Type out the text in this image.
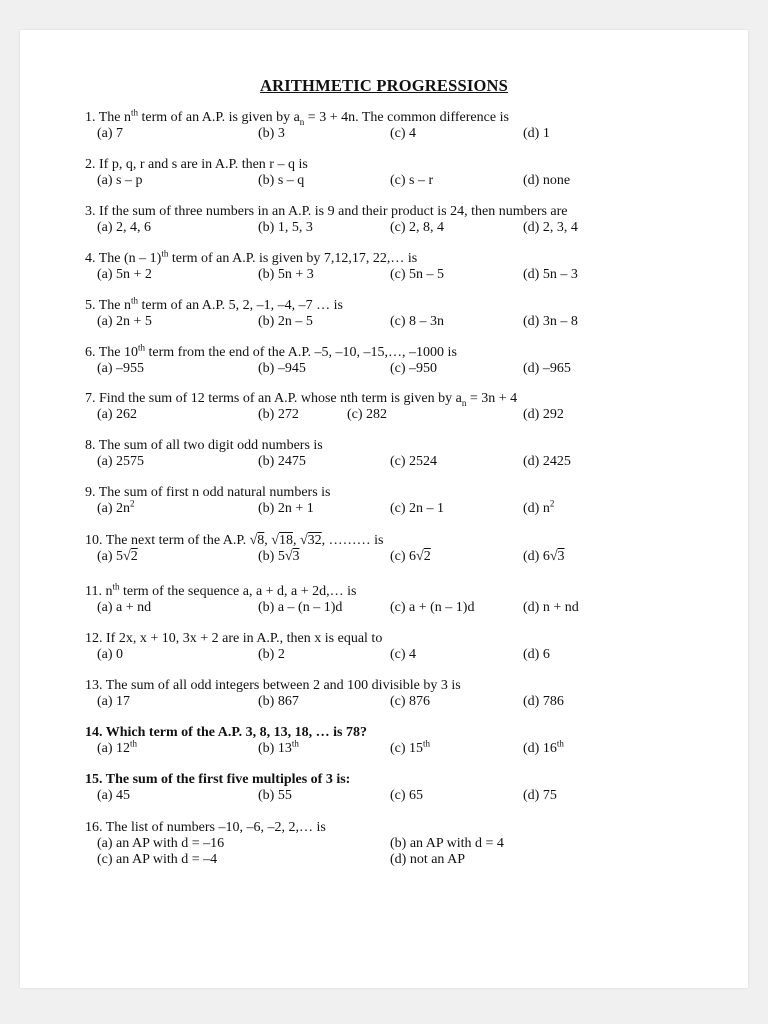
ARITHMETIC PROGRESSIONS
1. The $n^{th}$ term of an A.P. is given by $a_n = 3 + 4n$. The common difference is
(a) 7	(b) 3	(c) 4	(d) 1
2. If p, q, r and s are in A.P. then r – q is
(a) s – p	(b) s – q	(c) s – r	(d) none
3. If the sum of three numbers in an A.P. is 9 and their product is 24, then numbers are
(a) 2, 4, 6	(b) 1, 5, 3	(c) 2, 8, 4	(d) 2, 3, 4
4. The (n – 1)$^{th}$ term of an A.P. is given by 7,12,17, 22,… is
(a) 5n + 2	(b) 5n + 3	(c) 5n – 5	(d) 5n – 3
5. The $n^{th}$ term of an A.P. 5, 2, –1, –4, –7 … is
(a) 2n + 5	(b) 2n – 5	(c) 8 – 3n	(d) 3n – 8
6. The 10th term from the end of the A.P. –5, –10, –15,…, –1000 is
(a) –955	(b) –945	(c) –950	(d) –965
7. Find the sum of 12 terms of an A.P. whose nth term is given by $a_n = 3n + 4$
(a) 262	(b) 272	(c) 282	(d) 292
8. The sum of all two digit odd numbers is
(a) 2575	(b) 2475	(c) 2524	(d) 2425
9. The sum of first n odd natural numbers is
(a) $2n^2$	(b) 2n + 1	(c) 2n – 1	(d) $n^2$
10. The next term of the A.P. √8, √18, √32, ……… is
(a) 5√2	(b) 5√3	(c) 6√2	(d) 6√3
11. $n^{th}$ term of the sequence a, a + d, a + 2d,… is
(a) a + nd	(b) a – (n – 1)d	(c) a + (n – 1)d	(d) n + nd
12. If 2x, x + 10, 3x + 2 are in A.P., then x is equal to
(a) 0	(b) 2	(c) 4	(d) 6
13. The sum of all odd integers between 2 and 100 divisible by 3 is
(a) 17	(b) 867	(c) 876	(d) 786
14. Which term of the A.P. 3, 8, 13, 18, … is 78?
(a) 12th	(b) 13th	(c) 15th	(d) 16th
15. The sum of the first five multiples of 3 is:
(a) 45	(b) 55	(c) 65	(d) 75
16. The list of numbers –10, –6, –2, 2,… is
(a) an AP with d = –16	(b) an AP with d = 4
(c) an AP with d = –4	(d) not an AP
